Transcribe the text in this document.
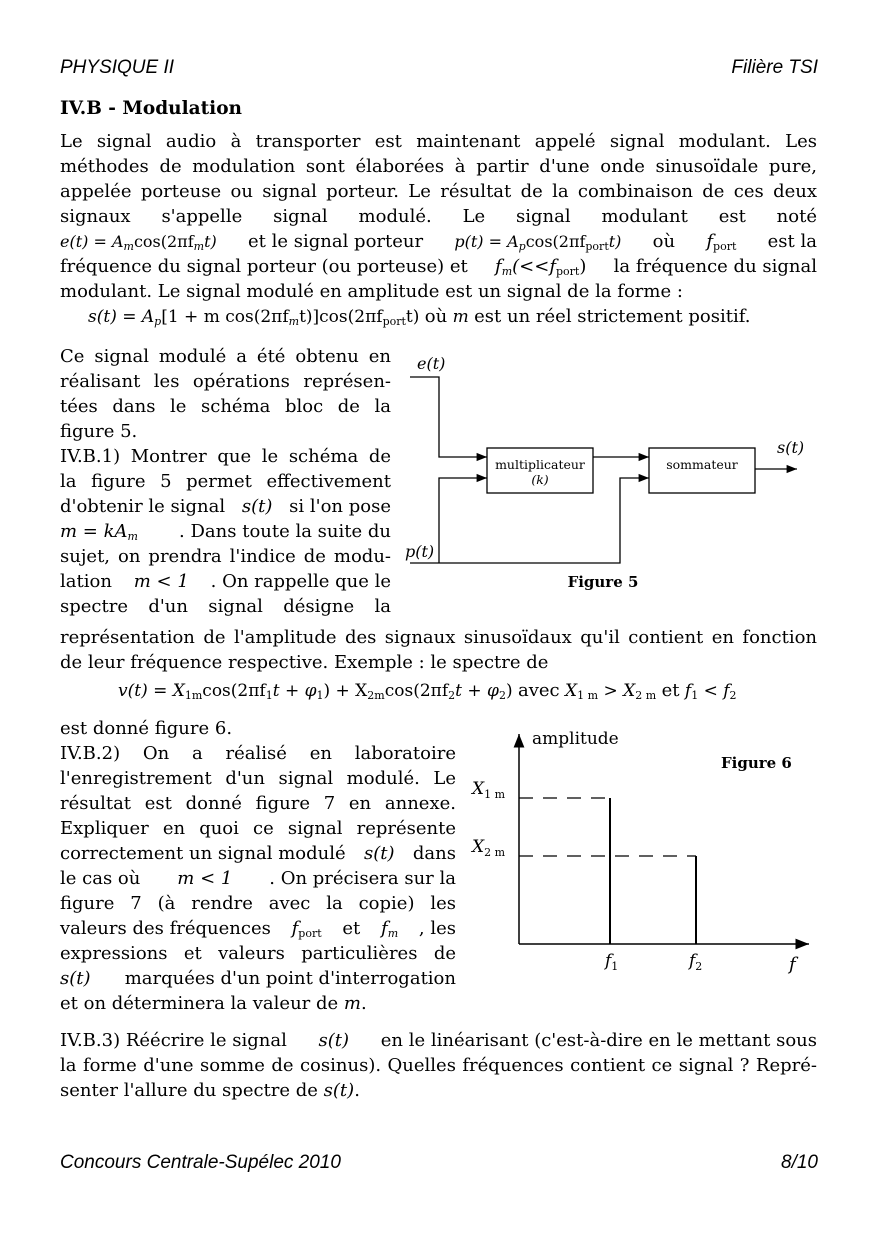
PHYSIQUE II	Filière TSI
IV.B - Modulation
Le signal audio à transporter est maintenant appelé signal modulant. Les
méthodes de modulation sont élaborées à partir d'une onde sinusoïdale pure,
appelée porteuse ou signal porteur. Le résultat de la combinaison de ces deux
signaux s'appelle signal modulé. Le signal modulant est noté
$e(t) = A_m\cos(2\pi f_mt)$ et le signal porteur $p(t) = A_p\cos(2\pi f_{port}t)$ où $f_{port}$ est la
fréquence du signal porteur (ou porteuse) et $f_m(<<f_{port})$ la fréquence du signal
modulant. Le signal modulé en amplitude est un signal de la forme :
$s(t) = A_p[1 + m$ $\cos(2\pi f_mt)]\cos(2\pi f_{port}t)$ où m est un réel strictement positif.
Ce signal modulé a été obtenu en
réalisant les opérations représen-
tées dans le schéma bloc de la
figure 5.
IV.B.1) Montrer que le schéma de
la figure 5 permet effectivement
d'obtenir le signal s(t) si l'on pose
$m = kA_m$ . Dans toute la suite du
sujet, on prendra l'indice de modu-
lation m < 1 . On rappelle que le
spectre d'un signal désigne la
représentation de l'amplitude des signaux sinusoïdaux qu'il contient en fonction
de leur fréquence respective. Exemple : le spectre de
$v(t) = X_{1m}\cos(2\pi f_1t + \varphi_1) + X_{2m}\cos(2\pi f_2t + \varphi_2)$ avec $X_{1 m} > X_{2 m}$ et $f_1 < f_2$
est donné figure 6.
IV.B.2) On a réalisé en laboratoire
l'enregistrement d'un signal modulé. Le
résultat est donné figure 7 en annexe.
Expliquer en quoi ce signal représente
correctement un signal modulé s(t) dans
le cas où m < 1 . On précisera sur la
figure 7 (à rendre avec la copie) les
valeurs des fréquences $f_{port}$ et $f_m$ , les
expressions et valeurs particulières de
s(t) marquées d'un point d'interrogation
et on déterminera la valeur de m.
IV.B.3) Réécrire le signal s(t) en le linéarisant (c'est-à-dire en le mettant sous
la forme d'une somme de cosinus). Quelles fréquences contient ce signal ? Repré-
senter l'allure du spectre de s(t).
e(t)
p(t)
s(t)
multiplicateur
(k)
sommateur
Figure 5
amplitude
Figure 6
$X_{1 m}$
$X_{2 m}$
$f_1$	$f_2$	f
Concours Centrale-Supélec 2010	8/10
